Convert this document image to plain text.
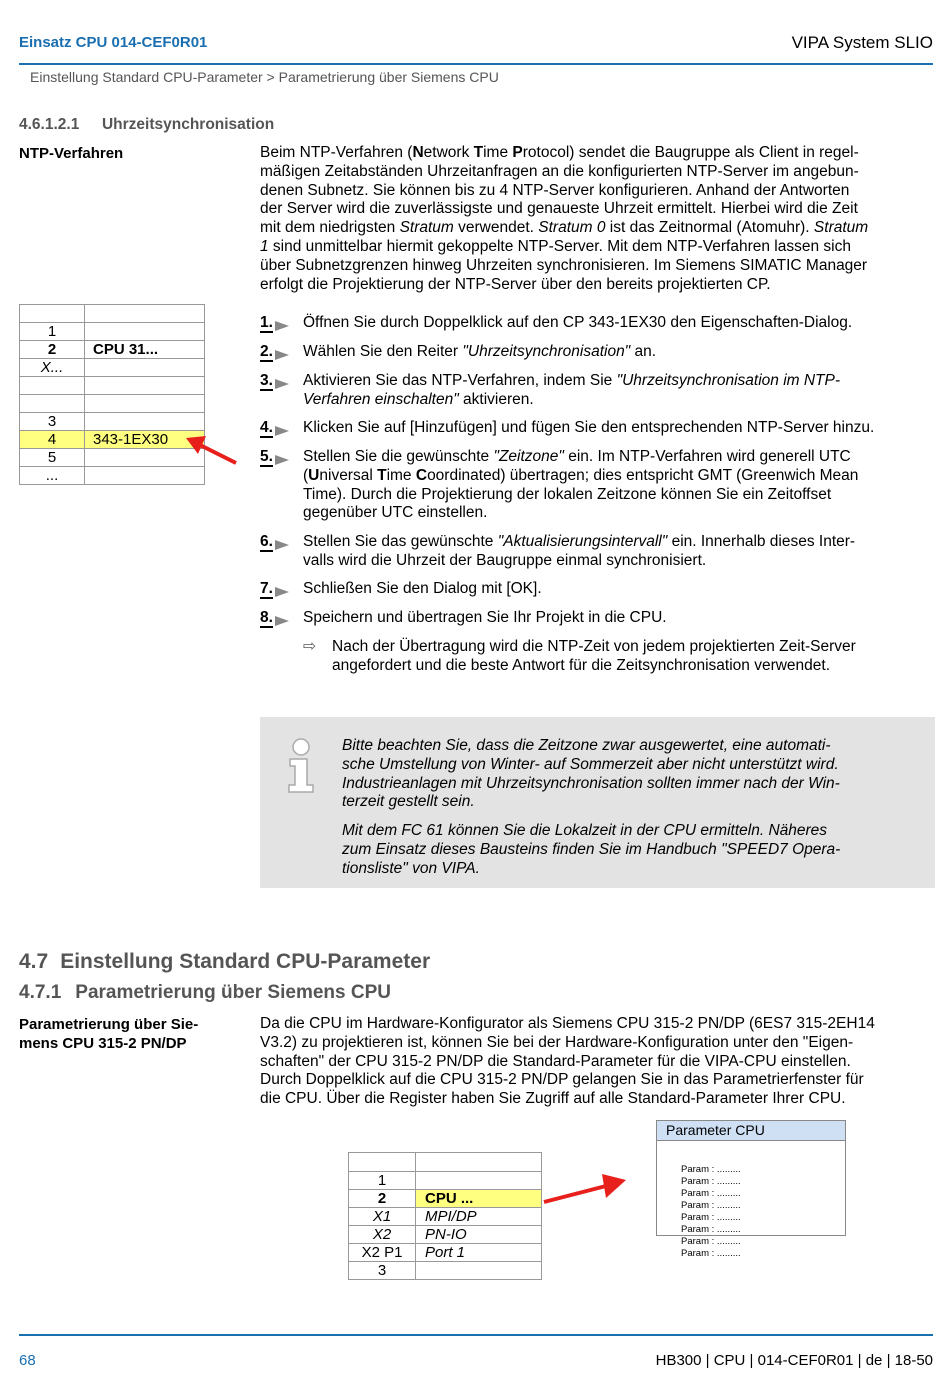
Einsatz CPU 014-CEF0R01	VIPA System SLIO
Einstellung Standard CPU-Parameter > Parametrierung über Siemens CPU
4.6.1.2.1 Uhrzeitsynchronisation
NTP-Verfahren	Beim NTP-Verfahren (Network Time Protocol) sendet die Baugruppe als Client in regel-
mäßigen Zeitabständen Uhrzeitanfragen an die konfigurierten NTP-Server im angebun-
denen Subnetz. Sie können bis zu 4 NTP-Server konfigurieren. Anhand der Antworten
der Server wird die zuverlässigste und genaueste Uhrzeit ermittelt. Hierbei wird die Zeit
mit dem niedrigsten Stratum verwendet. Stratum 0 ist das Zeitnormal (Atomuhr). Stratum
1 sind unmittelbar hiermit gekoppelte NTP-Server. Mit dem NTP-Verfahren lassen sich
über Subnetzgrenzen hinweg Uhrzeiten synchronisieren. Im Siemens SIMATIC Manager
erfolgt die Projektierung der NTP-Server über den bereits projektierten CP.

1	
2	CPU 31...
X...	

3	
4	343-1EX30
5	
...	
1.	Öffnen Sie durch Doppelklick auf den CP 343-1EX30 den Eigenschaften-Dialog.
2.	Wählen Sie den Reiter "Uhrzeitsynchronisation" an.
3.	Aktivieren Sie das NTP-Verfahren, indem Sie "Uhrzeitsynchronisation im NTP-
Verfahren einschalten" aktivieren.
4.	Klicken Sie auf [Hinzufügen] und fügen Sie den entsprechenden NTP-Server hinzu.
5.	Stellen Sie die gewünschte "Zeitzone" ein. Im NTP-Verfahren wird generell UTC
(Universal Time Coordinated) übertragen; dies entspricht GMT (Greenwich Mean
Time). Durch die Projektierung der lokalen Zeitzone können Sie ein Zeitoffset
gegenüber UTC einstellen.
6.	Stellen Sie das gewünschte "Aktualisierungsintervall" ein. Innerhalb dieses Inter-
valls wird die Uhrzeit der Baugruppe einmal synchronisiert.
7.	Schließen Sie den Dialog mit [OK].
8.	Speichern und übertragen Sie Ihr Projekt in die CPU.
⇨ Nach der Übertragung wird die NTP-Zeit von jedem projektierten Zeit-Server
angefordert und die beste Antwort für die Zeitsynchronisation verwendet.
Bitte beachten Sie, dass die Zeitzone zwar ausgewertet, eine automati-
sche Umstellung von Winter- auf Sommerzeit aber nicht unterstützt wird.
Industrieanlagen mit Uhrzeitsynchronisation sollten immer nach der Win-
terzeit gestellt sein.
Mit dem FC 61 können Sie die Lokalzeit in der CPU ermitteln. Näheres
zum Einsatz dieses Bausteins finden Sie im Handbuch "SPEED7 Opera-
tionsliste" von VIPA.
4.7 Einstellung Standard CPU-Parameter
4.7.1 Parametrierung über Siemens CPU
Parametrierung über Sie-
mens CPU 315-2 PN/DP
Da die CPU im Hardware-Konfigurator als Siemens CPU 315-2 PN/DP (6ES7 315-2EH14
V3.2) zu projektieren ist, können Sie bei der Hardware-Konfiguration unter den "Eigen-
schaften" der CPU 315-2 PN/DP die Standard-Parameter für die VIPA-CPU einstellen.
Durch Doppelklick auf die CPU 315-2 PN/DP gelangen Sie in das Parametrierfenster für
die CPU. Über die Register haben Sie Zugriff auf alle Standard-Parameter Ihrer CPU.

1	
2	CPU ...
X1	MPI/DP
X2	PN-IO
X2 P1	Port 1
3	
Parameter CPU
Param : .........
Param : .........
Param : .........
Param : .........
Param : .........
Param : .........
Param : .........
Param : .........
68	HB300 | CPU | 014-CEF0R01 | de | 18-50
